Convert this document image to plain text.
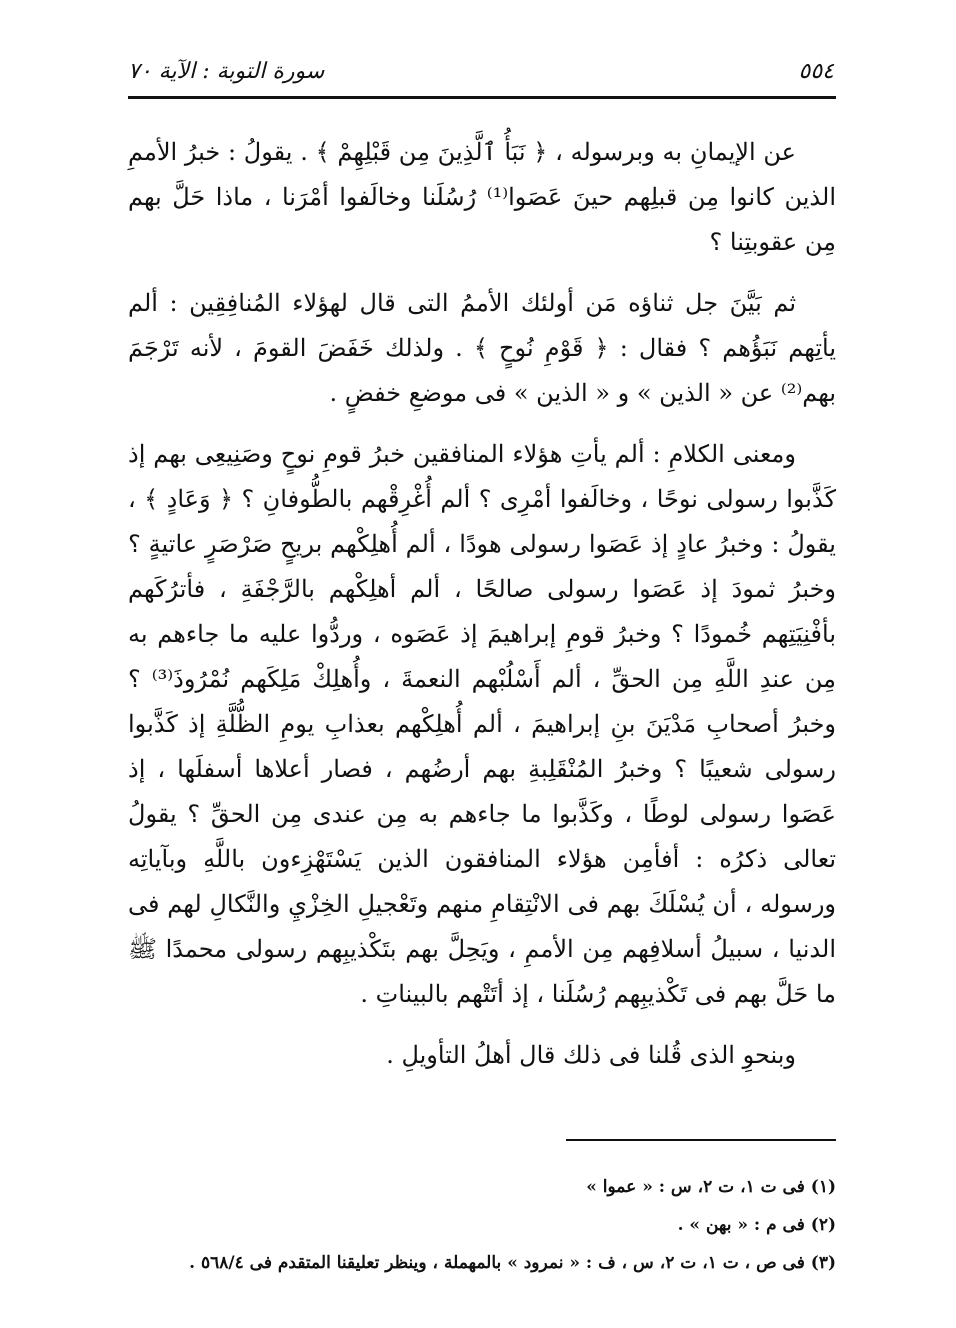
٥٥٤
سورة التوبة : الآية ٧٠

عن الإيمانِ به وبرسوله ، ﴿ نَبَأُ ٱلَّذِينَ مِن قَبْلِهِمْ ﴾ . يقولُ : خبرُ الأممِ الذين كانوا مِن قبلِهم حينَ عَصَوا⁽¹⁾ رُسُلَنا وخالَفوا أمْرَنا ، ماذا حَلَّ بهم مِن عقوبتِنا ؟

ثم بَيَّنَ جل ثناؤه مَن أولئك الأممُ التى قال لهؤلاء المُنافِقِين : ألم يأتِهم نَبَؤُهم ؟ فقال : ﴿ قَوْمِ نُوحٍ ﴾ . ولذلك خَفَضَ القومَ ، لأنه تَرْجَمَ بهم⁽²⁾ عن « الذين » و « الذين » فى موضعِ خفضٍ .

ومعنى الكلامِ : ألم يأتِ هؤلاء المنافقين خبرُ قومِ نوحٍ وصَنِيعِى بهم إذ كَذَّبوا رسولى نوحًا ، وخالَفوا أمْرِى ؟ ألم أُغْرِقْهم بالطُّوفانِ ؟ ﴿ وَعَادٍ ﴾ ، يقولُ : وخبرُ عادٍ إذ عَصَوا رسولى هودًا ، ألم أُهلِكْهم بريحٍ صَرْصَرٍ عاتيةٍ ؟ وخبرُ ثمودَ إذ عَصَوا رسولى صالحًا ، ألم أهلِكْهم بالرَّجْفَةِ ، فأترُكَهم بأفْنِيَتِهم خُمودًا ؟ وخبرُ قومِ إبراهيمَ إذ عَصَوه ، وردُّوا عليه ما جاءهم به مِن عندِ اللَّهِ مِن الحقِّ ، ألم أَسْلُبْهم النعمةَ ، وأُهلِكْ مَلِكَهم نُمْرُوذَ⁽³⁾ ؟ وخبرُ أصحابِ مَدْيَنَ بنِ إبراهيمَ ، ألم أُهلِكْهم بعذابِ يومِ الظُّلَّةِ إذ كَذَّبوا رسولى شعيبًا ؟ وخبرُ المُنْقَلِبةِ بهم أرضُهم ، فصار أعلاها أسفلَها ، إذ عَصَوا رسولى لوطًا ، وكَذَّبوا ما جاءهم به مِن عندى مِن الحقِّ ؟ يقولُ تعالى ذكرُه : أفأمِن هؤلاء المنافقون الذين يَسْتَهْزِءون باللَّهِ وبآياتِه ورسوله ، أن يُسْلَكَ بهم فى الانْتِقامِ منهم وتَعْجيلِ الخِزْيِ والنَّكالِ لهم فى الدنيا ، سبيلُ أسلافِهم مِن الأممِ ، ويَحِلَّ بهم بتَكْذيبِهم رسولى محمدًا ﷺ ما حَلَّ بهم فى تَكْذيبِهم رُسُلَنا ، إذ أتَتْهم بالبيناتِ .

وبنحوِ الذى قُلنا فى ذلك قال أهلُ التأويلِ .

(١) فى ت ١، ت ٢، س : « عموا »
(٢) فى م : « بهن » .
(٣) فى ص ، ت ١، ت ٢، س ، ف : « نمرود » بالمهملة ، وينظر تعليقنا المتقدم فى ٥٦٨/٤ .
